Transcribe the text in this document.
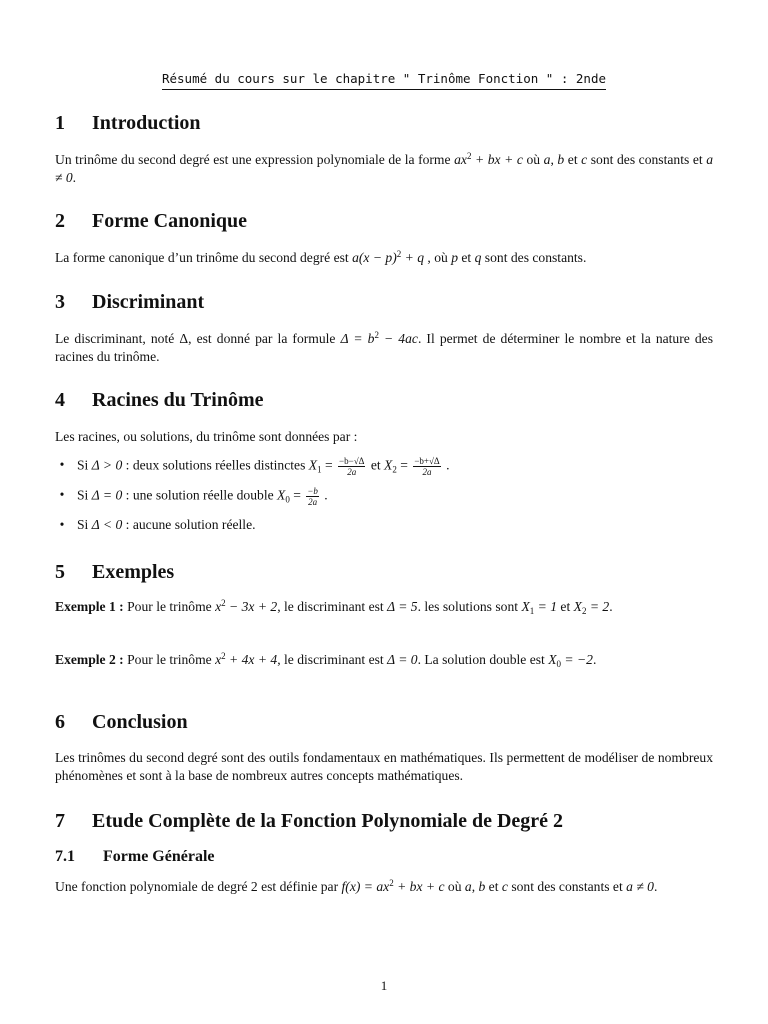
Résumé du cours sur le chapitre " Trinôme Fonction " : 2nde
1 Introduction

Un trinôme du second degré est une expression polynomiale de la forme $ax^2$ + bx + c où a, b et c sont des constants et a ≠ 0.

2 Forme Canonique

La forme canonique d’un trinôme du second degré est $a(x - p)^2 + q$ , où p et q sont des constants.

3 Discriminant

Le discriminant, noté Δ, est donné par la formule $\Delta = b^2 - 4ac$. Il permet de déterminer le nombre et la nature des racines du trinôme.

4 Racines du Trinôme

Les racines, ou solutions, du trinôme sont données par :

• Si Δ > 0 : deux solutions réelles distinctes $X_1 = \frac{-b-√\Delta}{2a}$ et $X_2 = \frac{-b+√\Delta}{2a}$ .
• Si Δ = 0 : une solution réelle double $X_0 = \frac{-b}{2a}$ .
• Si Δ < 0 : aucune solution réelle.
5 Exemples

Exemple 1 : Pour le trinôme $x^2 - 3x + 2$, le discriminant est Δ = 5. les solutions sont $X_1 = 1$ et $X_2 = 2$.

Exemple 2 : Pour le trinôme $x^2 + 4x + 4$, le discriminant est Δ = 0. La solution double est $X_0 = -2$.

6 Conclusion

Les trinômes du second degré sont des outils fondamentaux en mathématiques. Ils permettent de modéliser de nombreux phénomènes et sont à la base de nombreux autres concepts mathématiques.

7 Etude Complète de la Fonction Polynomiale de Degré 2
7.1 Forme Générale

Une fonction polynomiale de degré 2 est définie par $f(x) = ax^2$ + bx + c où a, b et c sont des constants et a ≠ 0.

1
